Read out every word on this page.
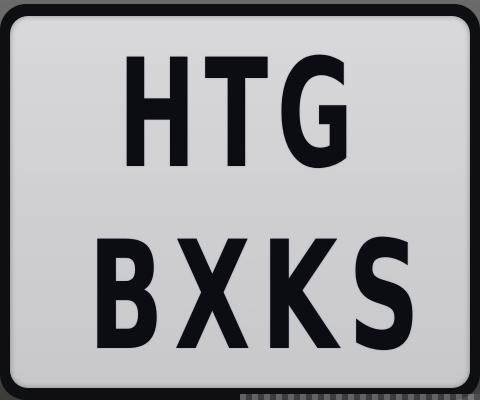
HTG
BXKS
